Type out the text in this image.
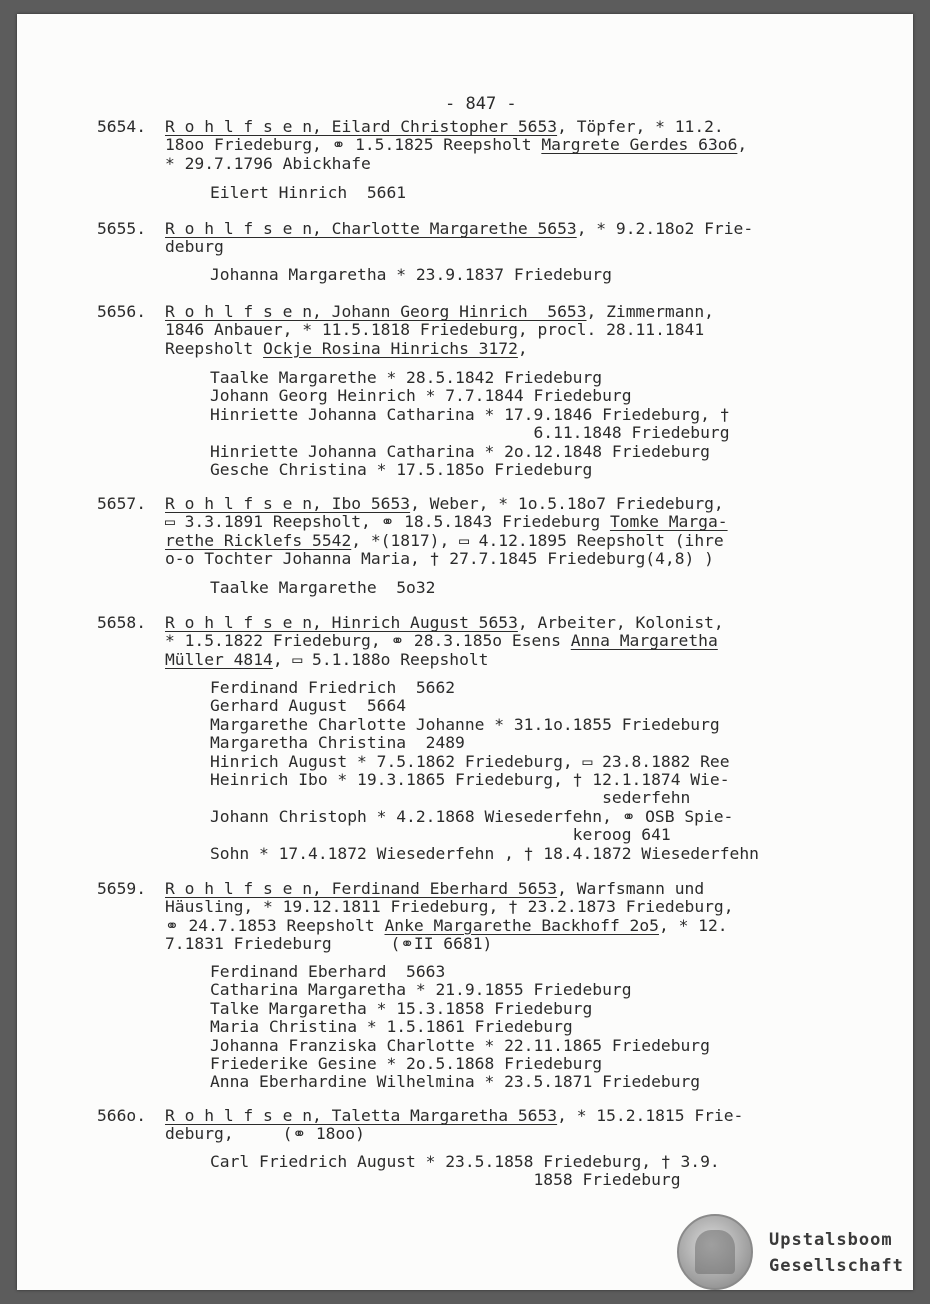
- 847 -
5654. R o h l f s e n, Eilard Christopher 5653, Töpfer, * 11.2.
18oo Friedeburg, ⚭ 1.5.1825 Reepsholt Margrete Gerdes 63o6,
* 29.7.1796 Abickhafe
Eilert Hinrich  5661
5655. R o h l f s e n, Charlotte Margarethe 5653, * 9.2.18o2 Frie-
deburg
Johanna Margaretha * 23.9.1837 Friedeburg
5656. R o h l f s e n, Johann Georg Hinrich  5653, Zimmermann,
1846 Anbauer, * 11.5.1818 Friedeburg, procl. 28.11.1841
Reepsholt Ockje Rosina Hinrichs 3172,
Taalke Margarethe * 28.5.1842 Friedeburg
Johann Georg Heinrich * 7.7.1844 Friedeburg
Hinriette Johanna Catharina * 17.9.1846 Friedeburg, †
6.11.1848 Friedeburg
Hinriette Johanna Catharina * 2o.12.1848 Friedeburg
Gesche Christina * 17.5.185o Friedeburg
5657. R o h l f s e n, Ibo 5653, Weber, * 1o.5.18o7 Friedeburg,
▭ 3.3.1891 Reepsholt, ⚭ 18.5.1843 Friedeburg Tomke Marga-
rethe Ricklefs 5542, *(1817), ▭ 4.12.1895 Reepsholt (ihre
o-o Tochter Johanna Maria, † 27.7.1845 Friedeburg(4,8) )
Taalke Margarethe  5o32
5658. R o h l f s e n, Hinrich August 5653, Arbeiter, Kolonist,
* 1.5.1822 Friedeburg, ⚭ 28.3.185o Esens Anna Margaretha
Müller 4814, ▭ 5.1.188o Reepsholt
Ferdinand Friedrich  5662
Gerhard August  5664
Margarethe Charlotte Johanne * 31.1o.1855 Friedeburg
Margaretha Christina  2489
Hinrich August * 7.5.1862 Friedeburg, ▭ 23.8.1882 Ree
Heinrich Ibo * 19.3.1865 Friedeburg, † 12.1.1874 Wie-
sederfehn
Johann Christoph * 4.2.1868 Wiesederfehn, ⚭ OSB Spie-
keroog 641
Sohn * 17.4.1872 Wiesederfehn , † 18.4.1872 Wiesederfehn
5659. R o h l f s e n, Ferdinand Eberhard 5653, Warfsmann und
Häusling, * 19.12.1811 Friedeburg, † 23.2.1873 Friedeburg,
⚭ 24.7.1853 Reepsholt Anke Margarethe Backhoff 2o5, * 12.
7.1831 Friedeburg      (⚭II 6681)
Ferdinand Eberhard  5663
Catharina Margaretha * 21.9.1855 Friedeburg
Talke Margaretha * 15.3.1858 Friedeburg
Maria Christina * 1.5.1861 Friedeburg
Johanna Franziska Charlotte * 22.11.1865 Friedeburg
Friederike Gesine * 2o.5.1868 Friedeburg
Anna Eberhardine Wilhelmina * 23.5.1871 Friedeburg
566o. R o h l f s e n, Taletta Margaretha 5653, * 15.2.1815 Frie-
deburg,     (⚭ 18oo)
Carl Friedrich August * 23.5.1858 Friedeburg, † 3.9.
1858 Friedeburg
Upstalsboom
Gesellschaft
